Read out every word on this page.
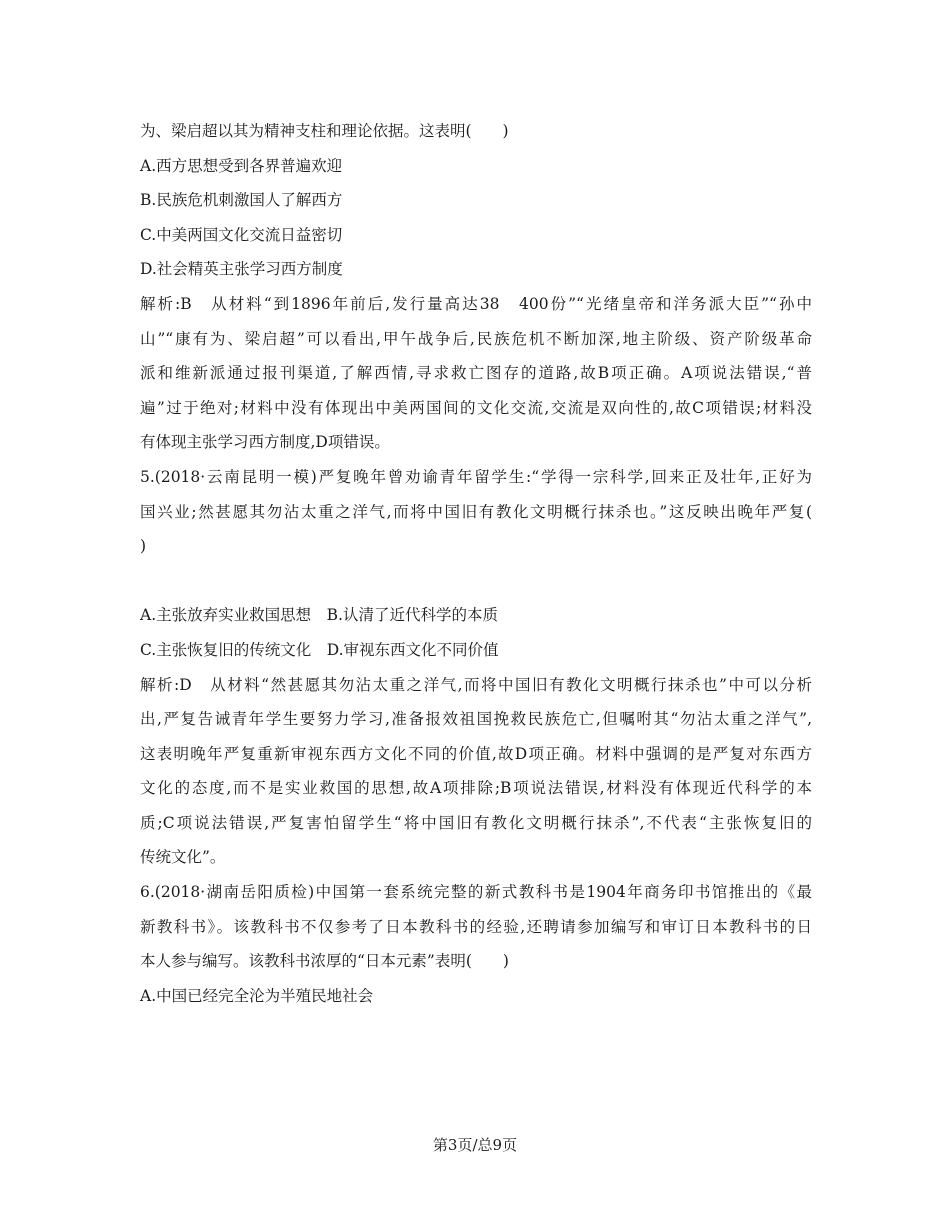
为、梁启超以其为精神支柱和理论依据。这表明(　　)
A.西方思想受到各界普遍欢迎
B.民族危机刺激国人了解西方
C.中美两国文化交流日益密切
D.社会精英主张学习西方制度
解析:B　从材料“到1896年前后,发行量高达38　400份”“光绪皇帝和洋务派大臣”“孙中
山”“康有为、梁启超”可以看出,甲午战争后,民族危机不断加深,地主阶级、资产阶级革命
派和维新派通过报刊渠道,了解西情,寻求救亡图存的道路,故B项正确。A项说法错误,“普
遍”过于绝对;材料中没有体现出中美两国间的文化交流,交流是双向性的,故C项错误;材料没
有体现主张学习西方制度,D项错误。
5.(2018·云南昆明一模)严复晚年曾劝谕青年留学生:“学得一宗科学,回来正及壮年,正好为
国兴业;然甚愿其勿沾太重之洋气,而将中国旧有教化文明概行抹杀也。”这反映出晚年严复(
)
A.主张放弃实业救国思想　B.认清了近代科学的本质
C.主张恢复旧的传统文化　D.审视东西文化不同价值
解析:D　从材料“然甚愿其勿沾太重之洋气,而将中国旧有教化文明概行抹杀也”中可以分析
出,严复告诫青年学生要努力学习,准备报效祖国挽救民族危亡,但嘱咐其“勿沾太重之洋气”,
这表明晚年严复重新审视东西方文化不同的价值,故D项正确。材料中强调的是严复对东西方
文化的态度,而不是实业救国的思想,故A项排除;B项说法错误,材料没有体现近代科学的本
质;C项说法错误,严复害怕留学生“将中国旧有教化文明概行抹杀”,不代表“主张恢复旧的
传统文化”。
6.(2018·湖南岳阳质检)中国第一套系统完整的新式教科书是1904年商务印书馆推出的《最
新教科书》。该教科书不仅参考了日本教科书的经验,还聘请参加编写和审订日本教科书的日
本人参与编写。该教科书浓厚的“日本元素”表明(　　)
A.中国已经完全沦为半殖民地社会
第3页/总9页
